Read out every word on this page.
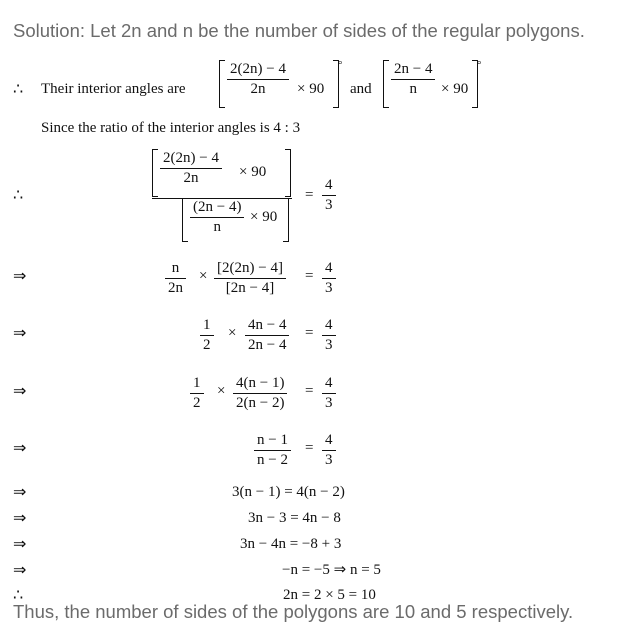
Solution: Let 2n and n be the number of sides of the regular polygons.
∴ Their interior angles are	$\frac{2(2n) - 4}{2n} \times 90$
°
and $\frac{2n - 4}{n} \times 90$
°
Since the ratio of the interior angles is 4 : 3
∴
$\frac{2(2n) - 4}{2n} \times 90$
$\frac{(2n - 4)}{n} \times 90$
= $\frac{4}{3}$
⇒	$\frac{n}{2n} \times \frac{[2(2n) - 4]}{[2n - 4]} = \frac{4}{3}$
⇒	$\frac{1}{2} \times \frac{4n - 4}{2n - 4} = \frac{4}{3}$
⇒	$\frac{1}{2} \times \frac{4(n - 1)}{2(n - 2)} = \frac{4}{3}$
⇒	$\frac{n - 1}{n - 2} = \frac{4}{3}$
⇒	3(n − 1) = 4(n − 2)
⇒	3n − 3 = 4n − 8
⇒	3n − 4n = −8 + 3
⇒	−n = −5 ⇒ n = 5
∴	2n = 2 × 5 = 10
Thus, the number of sides of the polygons are 10 and 5 respectively.
